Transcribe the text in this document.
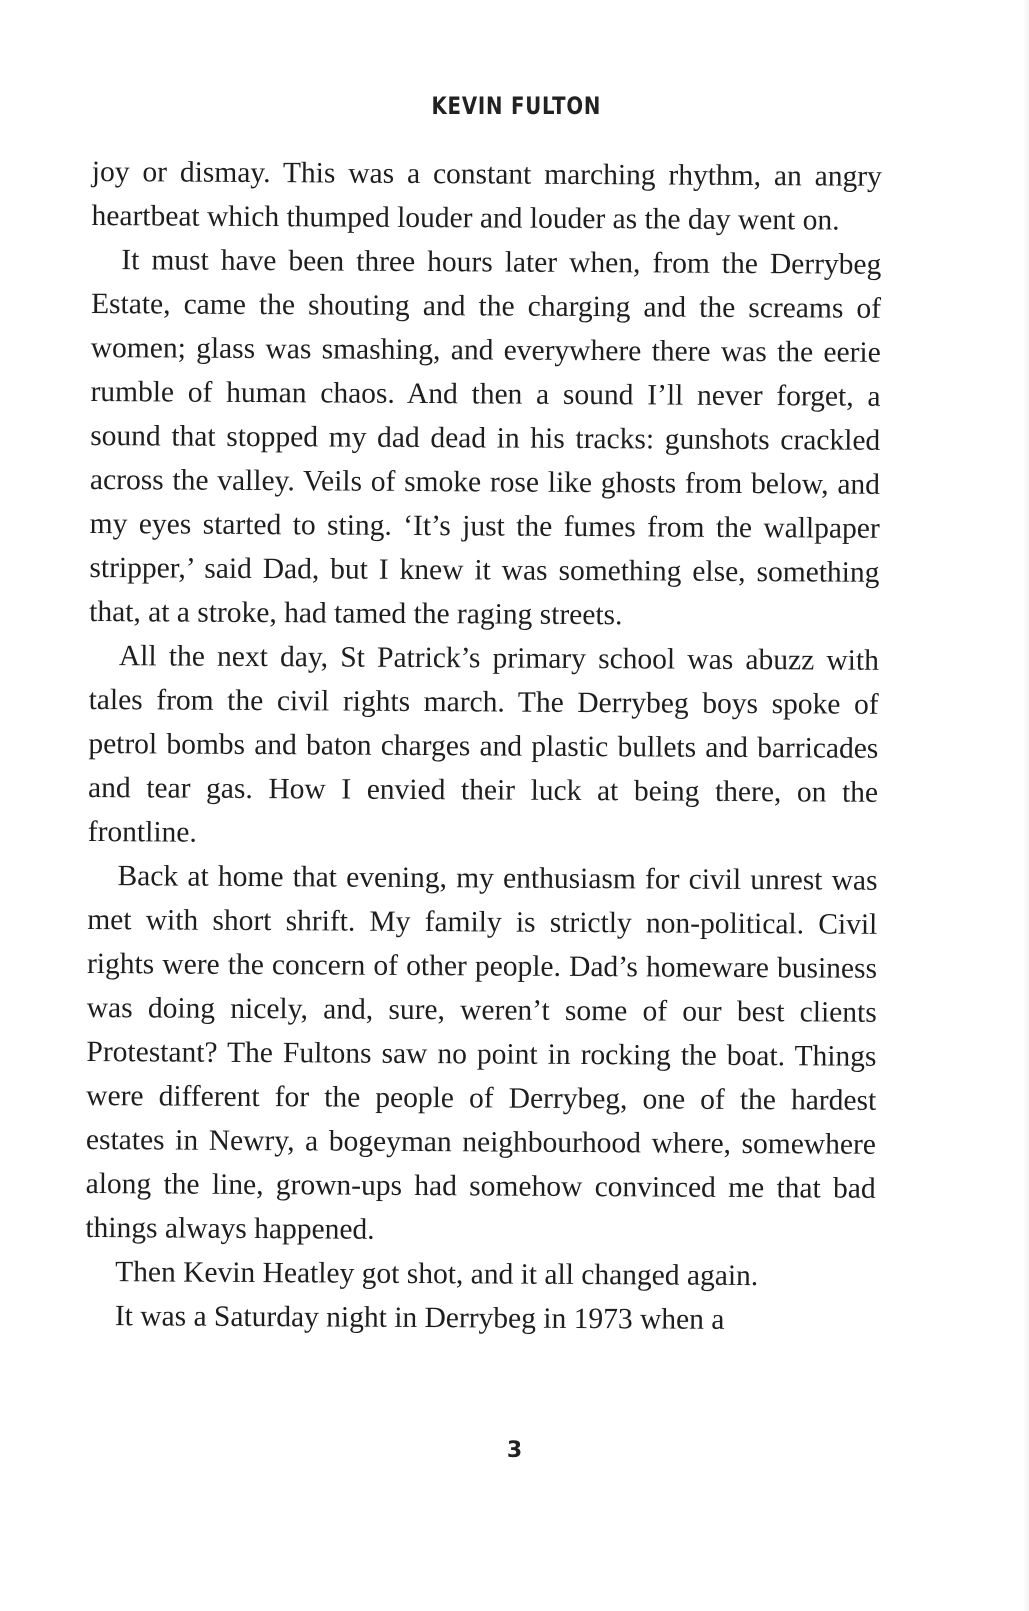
KEVIN FULTON

joy or dismay. This was a constant marching rhythm, an angry heartbeat which thumped louder and louder as the day went on.

It must have been three hours later when, from the Derrybeg Estate, came the shouting and the charging and the screams of women; glass was smashing, and everywhere there was the eerie rumble of human chaos. And then a sound I’ll never forget, a sound that stopped my dad dead in his tracks: gunshots crackled across the valley. Veils of smoke rose like ghosts from below, and my eyes started to sting. ‘It’s just the fumes from the wallpaper stripper,’ said Dad, but I knew it was something else, something that, at a stroke, had tamed the raging streets.

All the next day, St Patrick’s primary school was abuzz with tales from the civil rights march. The Derrybeg boys spoke of petrol bombs and baton charges and plastic bullets and barricades and tear gas. How I envied their luck at being there, on the frontline.

Back at home that evening, my enthusiasm for civil unrest was met with short shrift. My family is strictly non-political. Civil rights were the concern of other people. Dad’s homeware business was doing nicely, and, sure, weren’t some of our best clients Protestant? The Fultons saw no point in rocking the boat. Things were different for the people of Derrybeg, one of the hardest estates in Newry, a bogeyman neighbourhood where, somewhere along the line, grown-ups had somehow convinced me that bad things always happened.

Then Kevin Heatley got shot, and it all changed again.

It was a Saturday night in Derrybeg in 1973 when a

3
